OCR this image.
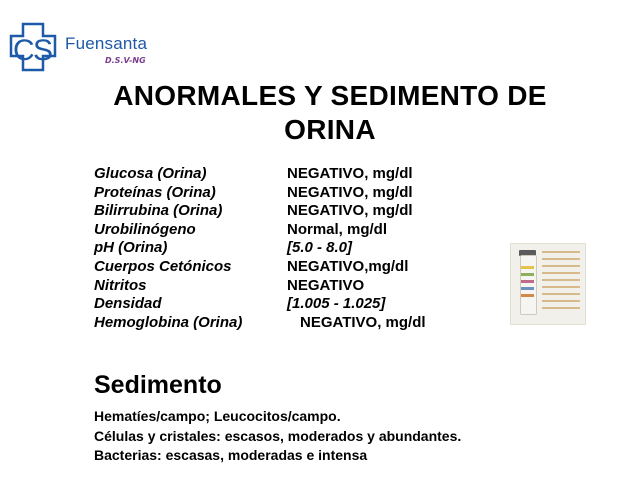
C
S Fuensanta
D.S.V-NG
ANORMALES Y SEDIMENTO DE ORINA
Glucosa (Orina)	NEGATIVO, mg/dl
Proteínas (Orina)	NEGATIVO, mg/dl
Bilirrubina (Orina)	NEGATIVO, mg/dl
Urobilinógeno	Normal, mg/dl
pH (Orina)	[5.0 - 8.0]
Cuerpos Cetónicos	NEGATIVO,mg/dl
Nitritos	NEGATIVO
Densidad	[1.005 - 1.025]
Hemoglobina (Orina)	NEGATIVO, mg/dl
Sedimento
Hematíes/campo; Leucocitos/campo.
Células y cristales: escasos, moderados y abundantes.
Bacterias: escasas, moderadas e intensa
